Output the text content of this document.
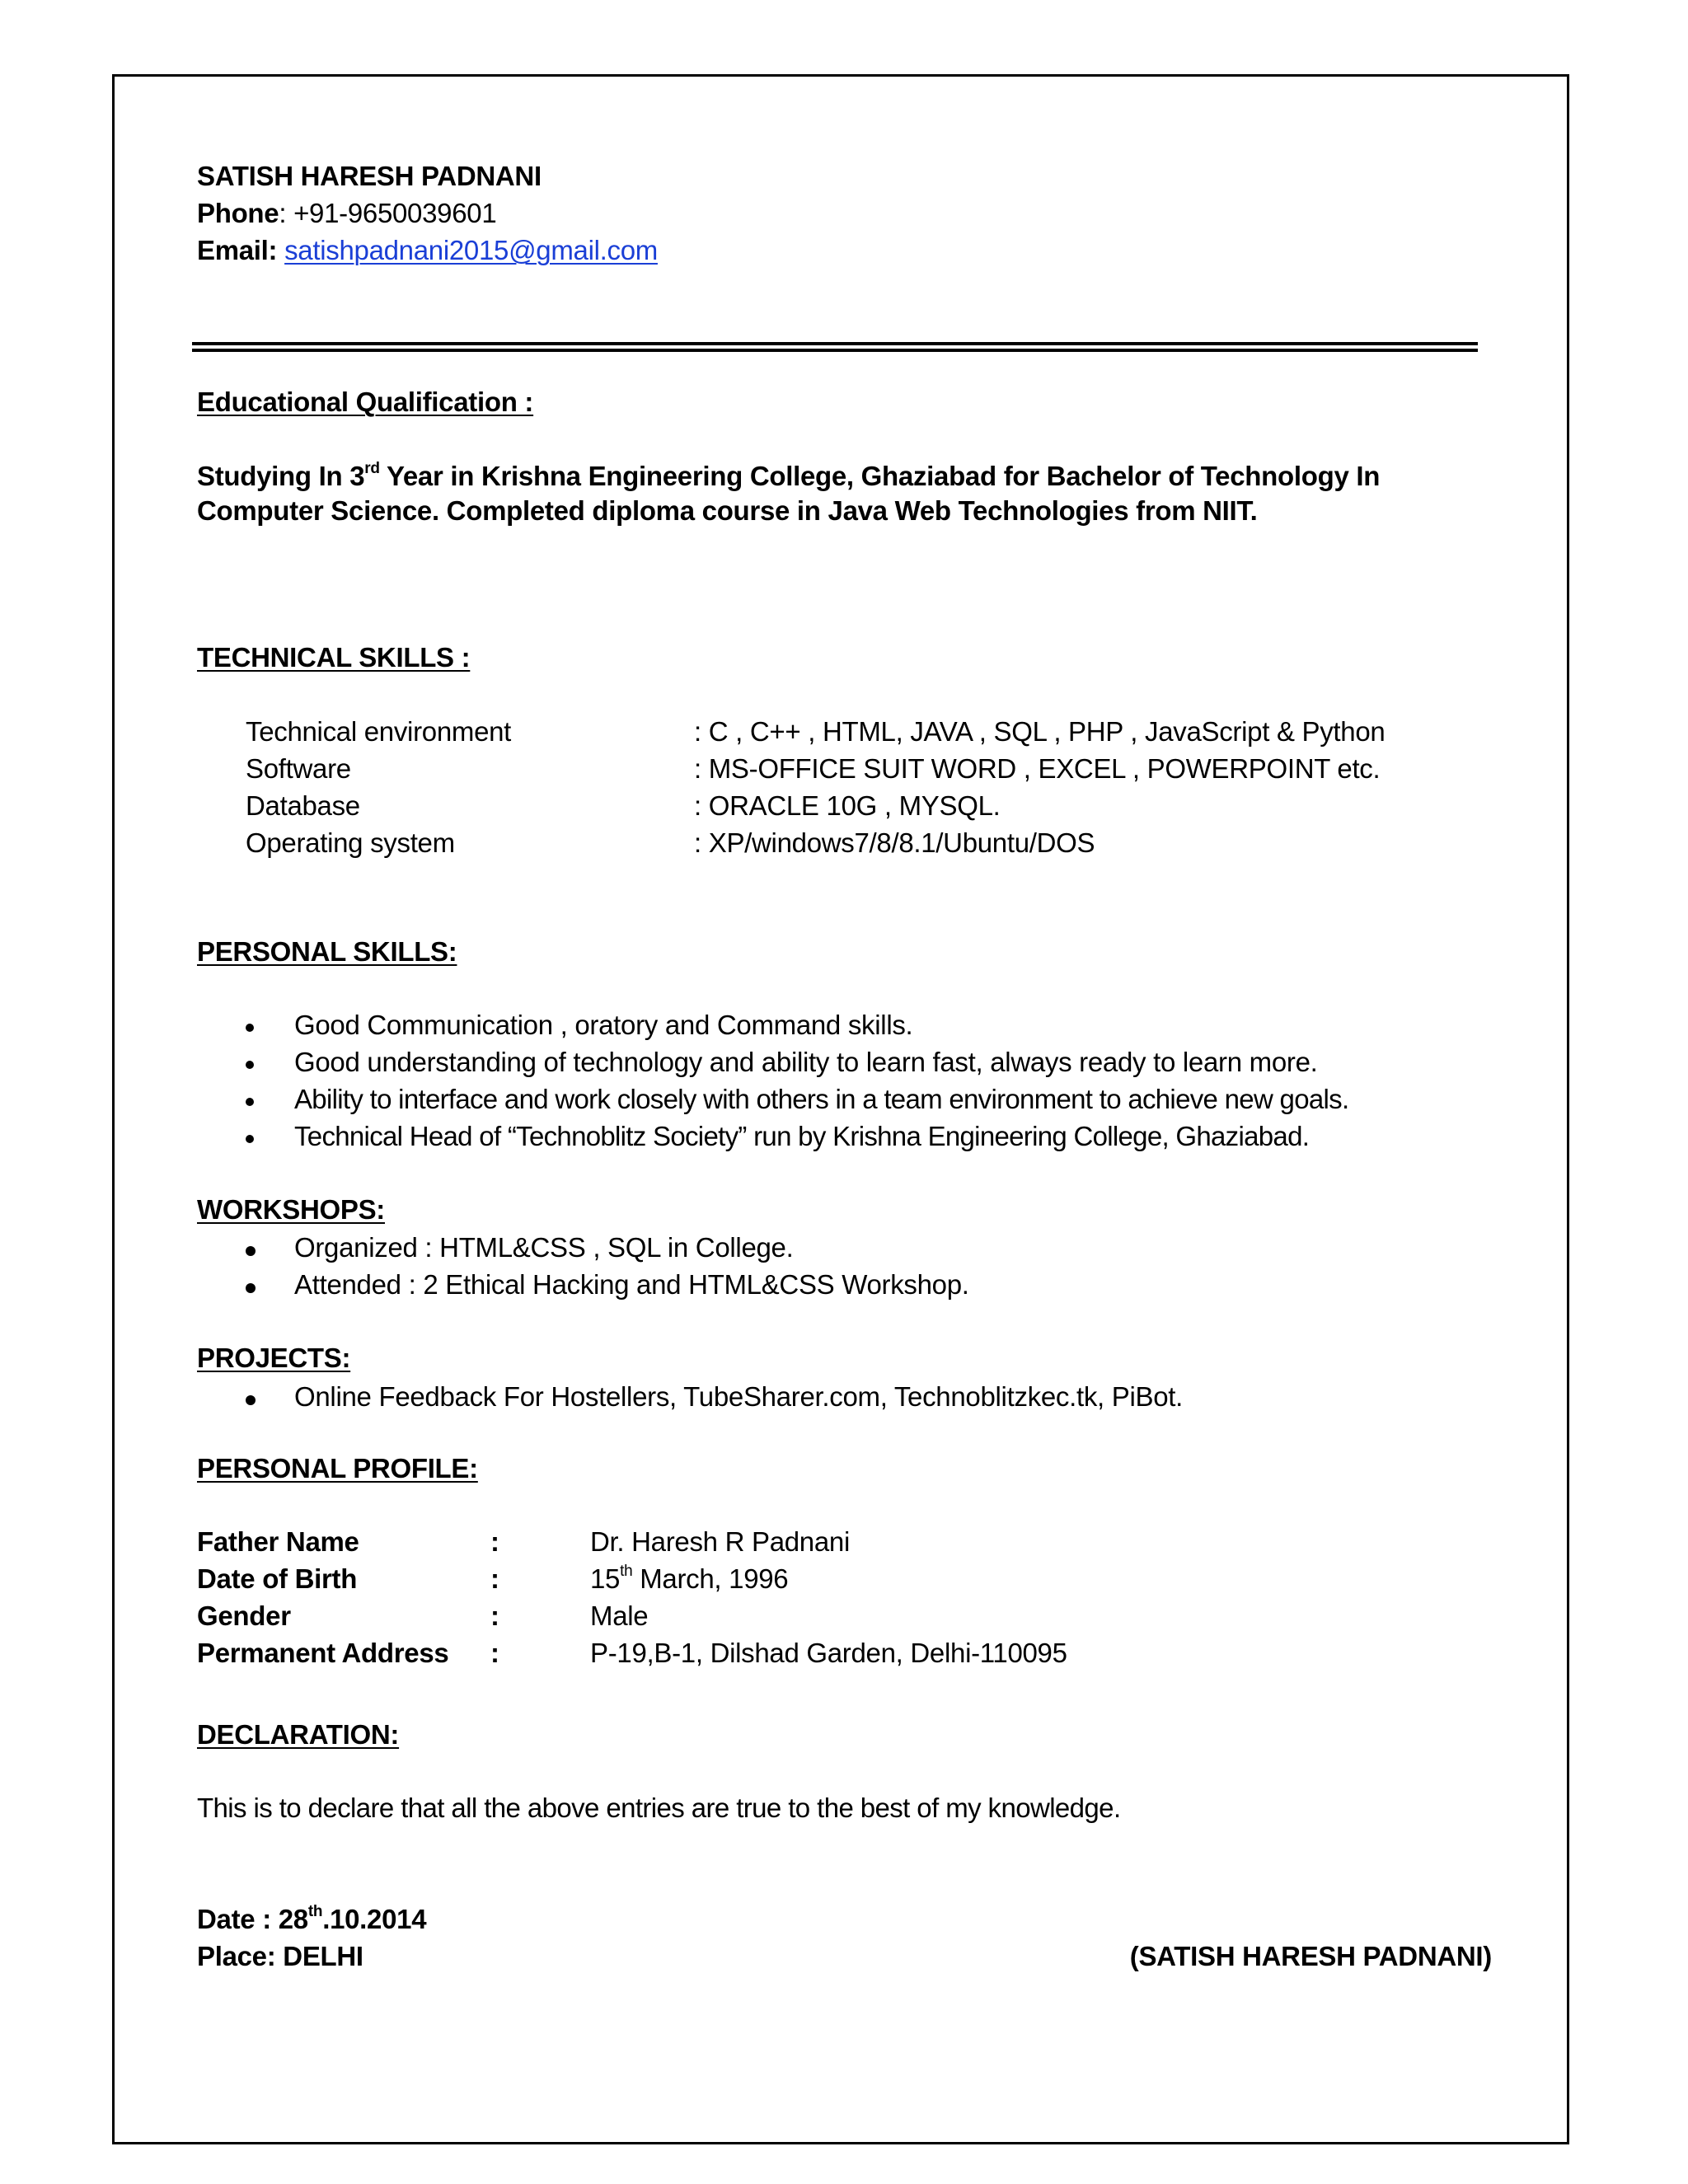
SATISH HARESH PADNANI
Phone: +91-9650039601
Email: satishpadnani2015@gmail.com
Educational Qualification :
Studying In 3rd Year in Krishna Engineering College, Ghaziabad for Bachelor of Technology In
Computer Science. Completed diploma course in Java Web Technologies from NIIT.
TECHNICAL SKILLS :
Technical environment	: C , C++ , HTML, JAVA , SQL , PHP , JavaScript & Python
Software	: MS-OFFICE SUIT WORD , EXCEL , POWERPOINT etc.
Database	: ORACLE 10G , MYSQL.
Operating system	: XP/windows7/8/8.1/Ubuntu/DOS
PERSONAL SKILLS:
Good Communication , oratory and Command skills.
Good understanding of technology and ability to learn fast, always ready to learn more.
Ability to interface and work closely with others in a team environment to achieve new goals.
Technical Head of “Technoblitz Society” run by Krishna Engineering College, Ghaziabad.
WORKSHOPS:
Organized : HTML&CSS , SQL in College.
Attended : 2 Ethical Hacking and HTML&CSS Workshop.
PROJECTS:
Online Feedback For Hostellers, TubeSharer.com, Technoblitzkec.tk, PiBot.
PERSONAL PROFILE:
Father Name	:	Dr. Haresh R Padnani
Date of Birth	:	15th March, 1996
Gender	:	Male
Permanent Address :	P-19,B-1, Dilshad Garden, Delhi-110095
DECLARATION:
This is to declare that all the above entries are true to the best of my knowledge.
Date : 28th.10.2014
Place: DELHI	(SATISH HARESH PADNANI)
